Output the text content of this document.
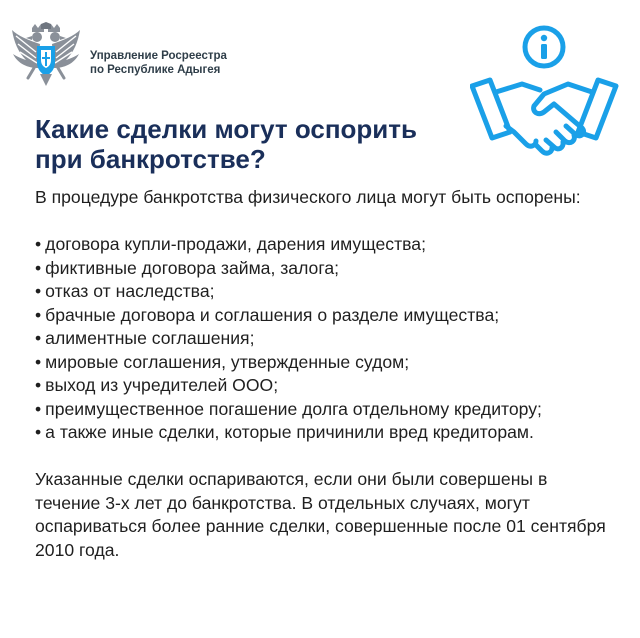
Управление Росреестра
по Республике Адыгея
Какие сделки могут оспорить
при банкротстве?

В процедуре банкротства физического лица могут быть оспорены:

• договора купли-продажи, дарения имущества;
• фиктивные договора займа, залога;
• отказ от наследства;
• брачные договора и соглашения о разделе имущества;
• алиментные соглашения;
• мировые соглашения, утвержденные судом;
• выход из учредителей ООО;
• преимущественное погашение долга отдельному кредитору;
• а также иные сделки, которые причинили вред кредиторам.

Указанные сделки оспариваются, если они были совершены в течение 3-х лет до банкротства. В отдельных случаях, могут оспариваться более ранние сделки, совершенные после 01 сентября 2010 года.
